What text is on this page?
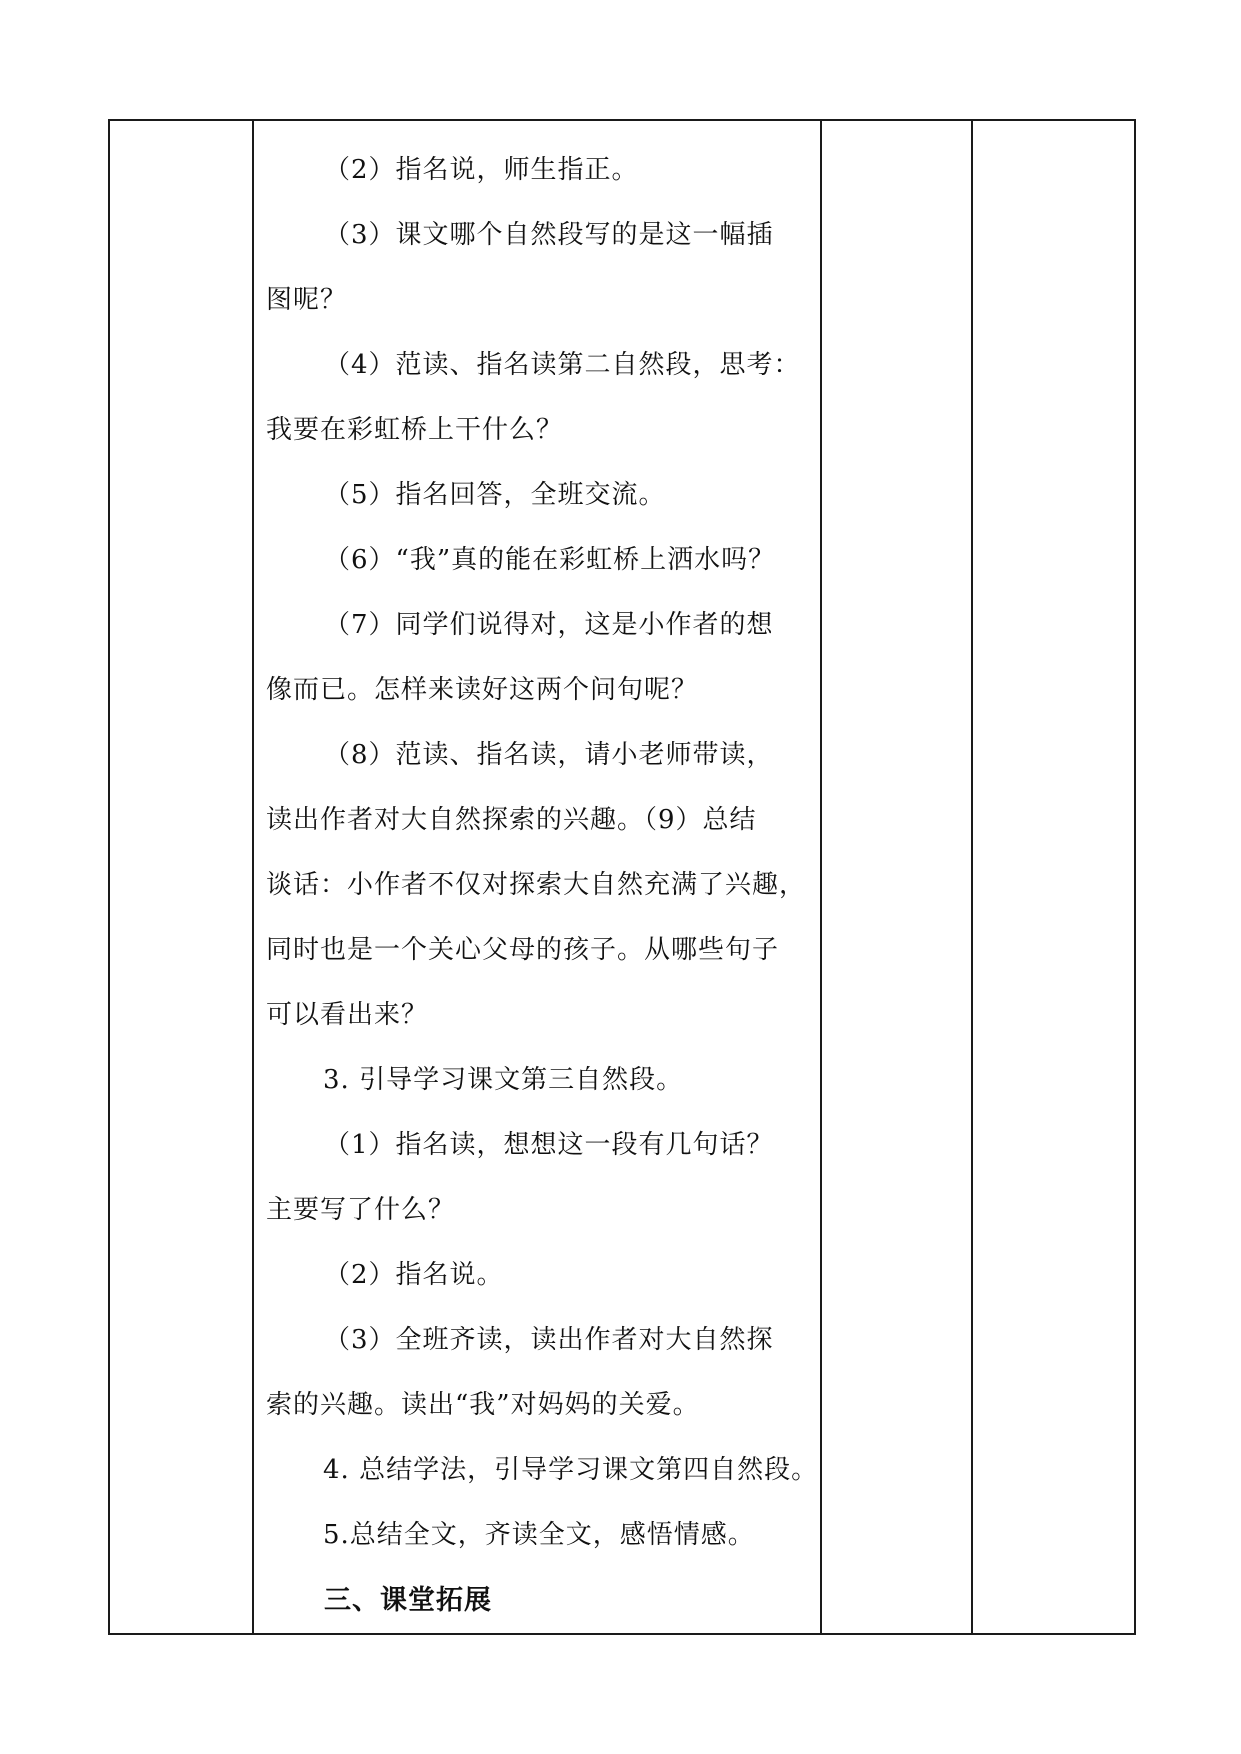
（2）指名说，师生指正。

（3）课文哪个自然段写的是这一幅插

图呢？

（4）范读、指名读第二自然段，思考：

我要在彩虹桥上干什么？

（5）指名回答，全班交流。

（6）“我”真的能在彩虹桥上洒水吗？

（7）同学们说得对，这是小作者的想

像而已。怎样来读好这两个问句呢？

（8）范读、指名读，请小老师带读，

读出作者对大自然探索的兴趣。（9）总结

谈话：小作者不仅对探索大自然充满了兴趣，

同时也是一个关心父母的孩子。从哪些句子

可以看出来？

3. 引导学习课文第三自然段。

（1）指名读，想想这一段有几句话？

主要写了什么？

（2）指名说。

（3）全班齐读，读出作者对大自然探

索的兴趣。读出“我”对妈妈的关爱。

4. 总结学法，引导学习课文第四自然段。

5.总结全文，齐读全文，感悟情感。

三、课堂拓展
